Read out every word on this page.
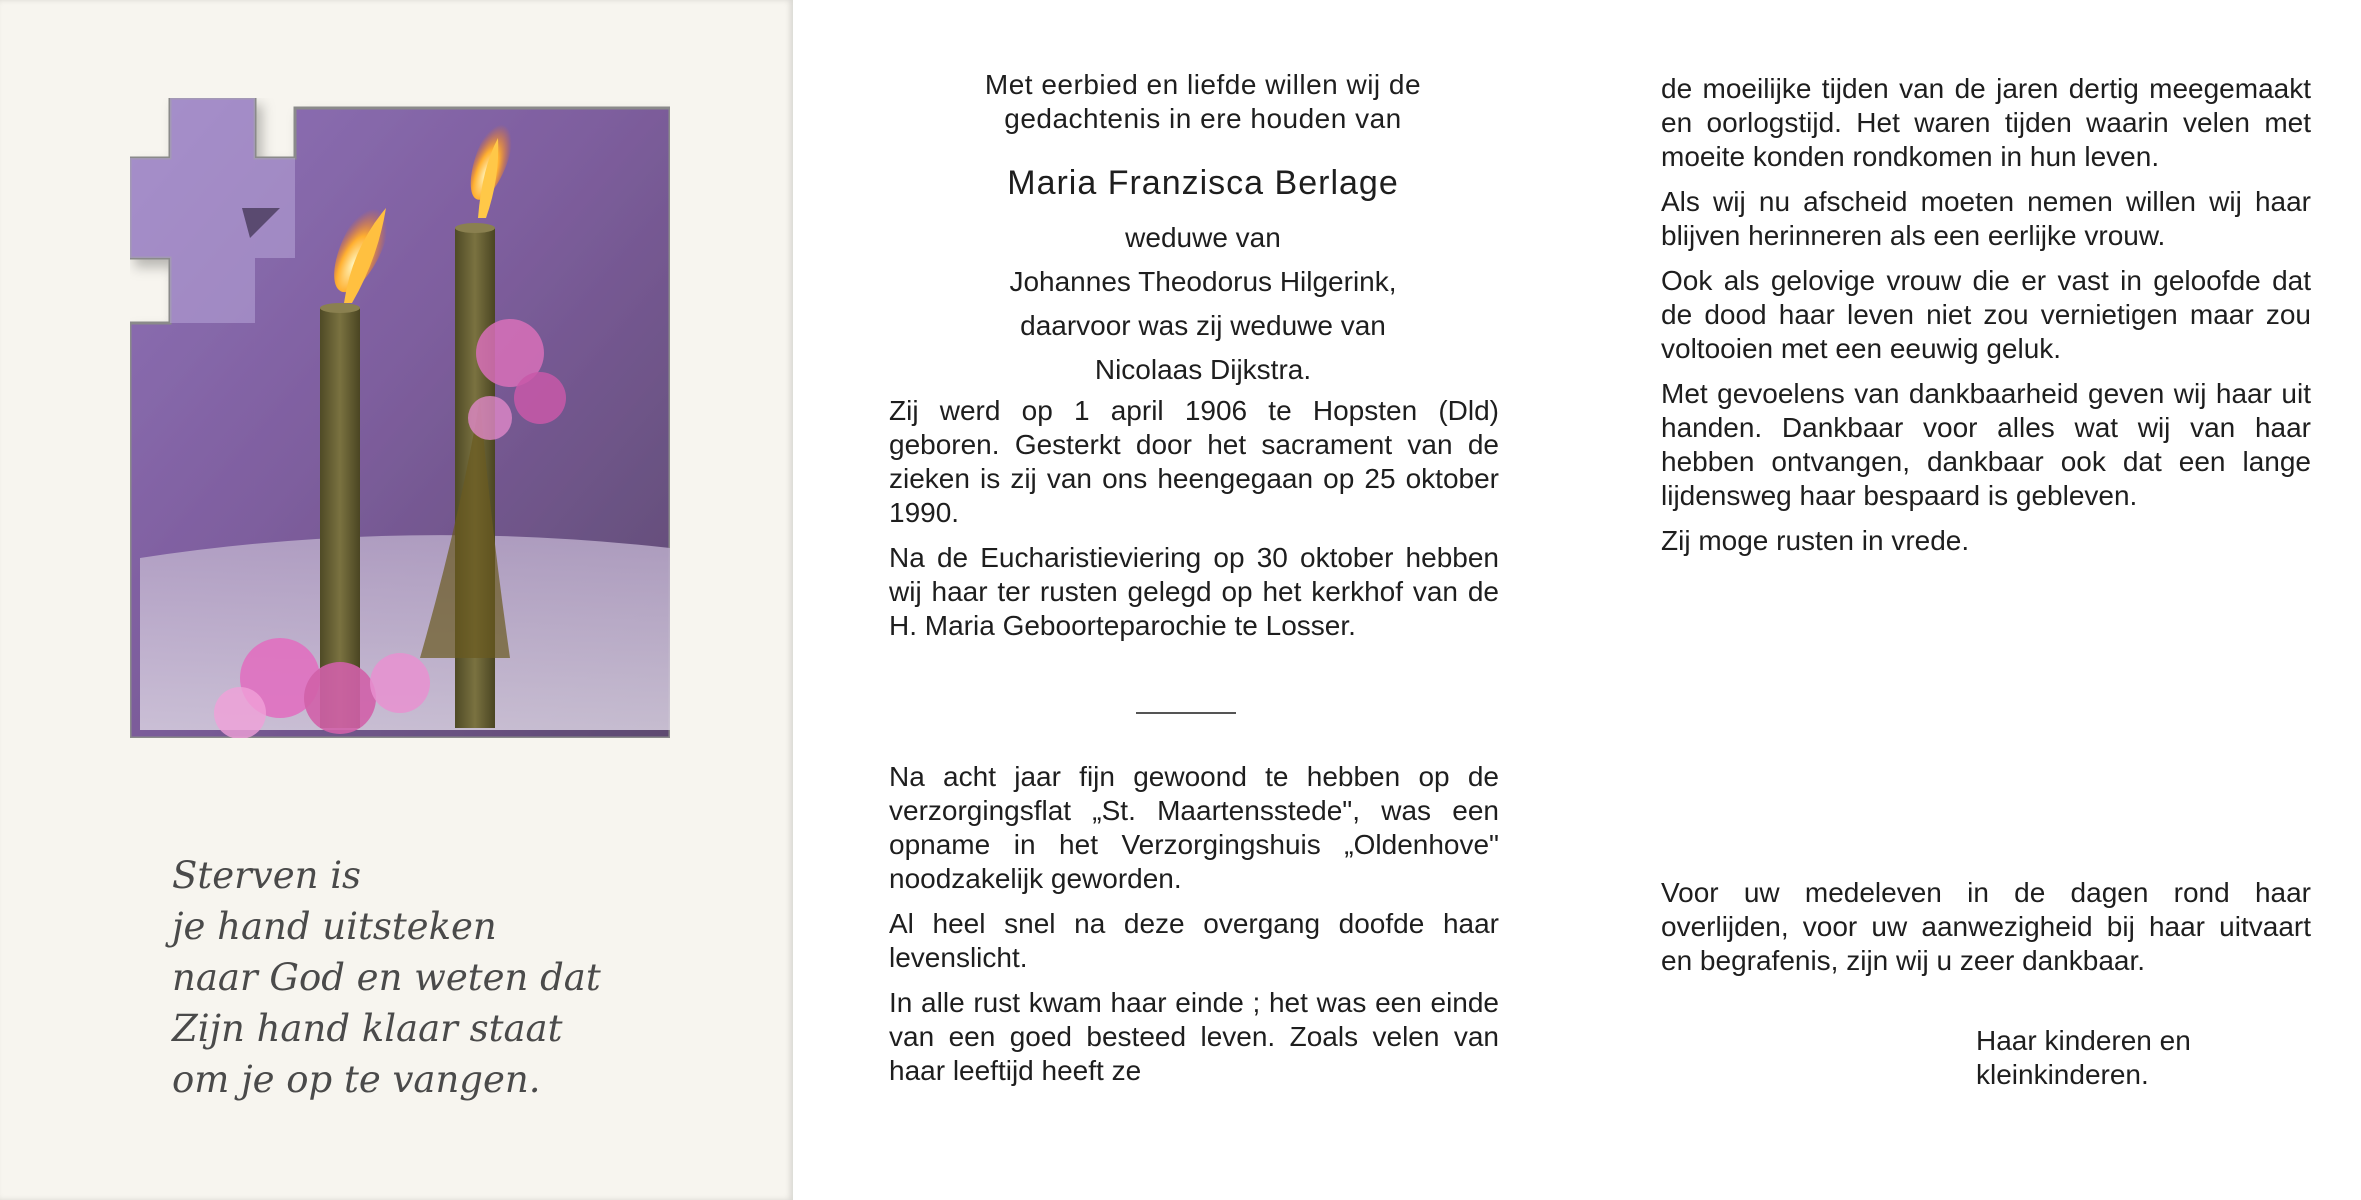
Sterven is
je hand uitsteken
naar God en weten dat
Zijn hand klaar staat
om je op te vangen.
Met eerbied en liefde willen wij de
gedachtenis in ere houden van
Maria Franzisca Berlage
weduwe van
Johannes Theodorus Hilgerink,
daarvoor was zij weduwe van
Nicolaas Dijkstra.

Zij werd op 1 april 1906 te Hopsten (Dld) geboren. Gesterkt door het sacrament van de zieken is zij van ons heengegaan op 25 oktober 1990.

Na de Eucharistieviering op 30 oktober hebben wij haar ter rusten gelegd op het kerkhof van de H. Maria Geboorteparochie te Losser.

Na acht jaar fijn gewoond te hebben op de verzorgingsflat „St. Maartensstede", was een opname in het Verzorgingshuis „Oldenhove" noodzakelijk geworden.

Al heel snel na deze overgang doofde haar levenslicht.

In alle rust kwam haar einde ; het was een einde van een goed besteed leven. Zoals velen van haar leeftijd heeft ze

de moeilijke tijden van de jaren dertig meegemaakt en oorlogstijd. Het waren tijden waarin velen met moeite konden rondkomen in hun leven.

Als wij nu afscheid moeten nemen willen wij haar blijven herinneren als een eerlijke vrouw.

Ook als gelovige vrouw die er vast in geloofde dat de dood haar leven niet zou vernietigen maar zou voltooien met een eeuwig geluk.

Met gevoelens van dankbaarheid geven wij haar uit handen. Dankbaar voor alles wat wij van haar hebben ontvangen, dankbaar ook dat een lange lijdensweg haar bespaard is gebleven.

Zij moge rusten in vrede.

Voor uw medeleven in de dagen rond haar overlijden, voor uw aanwezigheid bij haar uitvaart en begrafenis, zijn wij u zeer dankbaar.

Haar kinderen en
kleinkinderen.
